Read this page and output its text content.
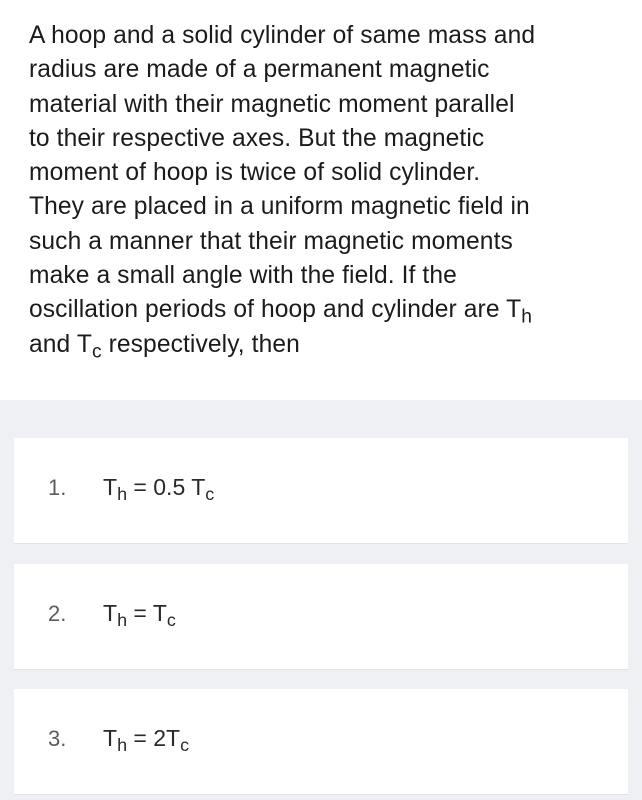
A hoop and a solid cylinder of same mass and
radius are made of a permanent magnetic
material with their magnetic moment parallel
to their respective axes. But the magnetic
moment of hoop is twice of solid cylinder.
They are placed in a uniform magnetic field in
such a manner that their magnetic moments
make a small angle with the field. If the
oscillation periods of hoop and cylinder are $T_h$
and $T_c$ respectively, then

1. $T_h = 0.5$ $T_c$
2. $T_h = T_c$
3. $T_h = 2T_c$
